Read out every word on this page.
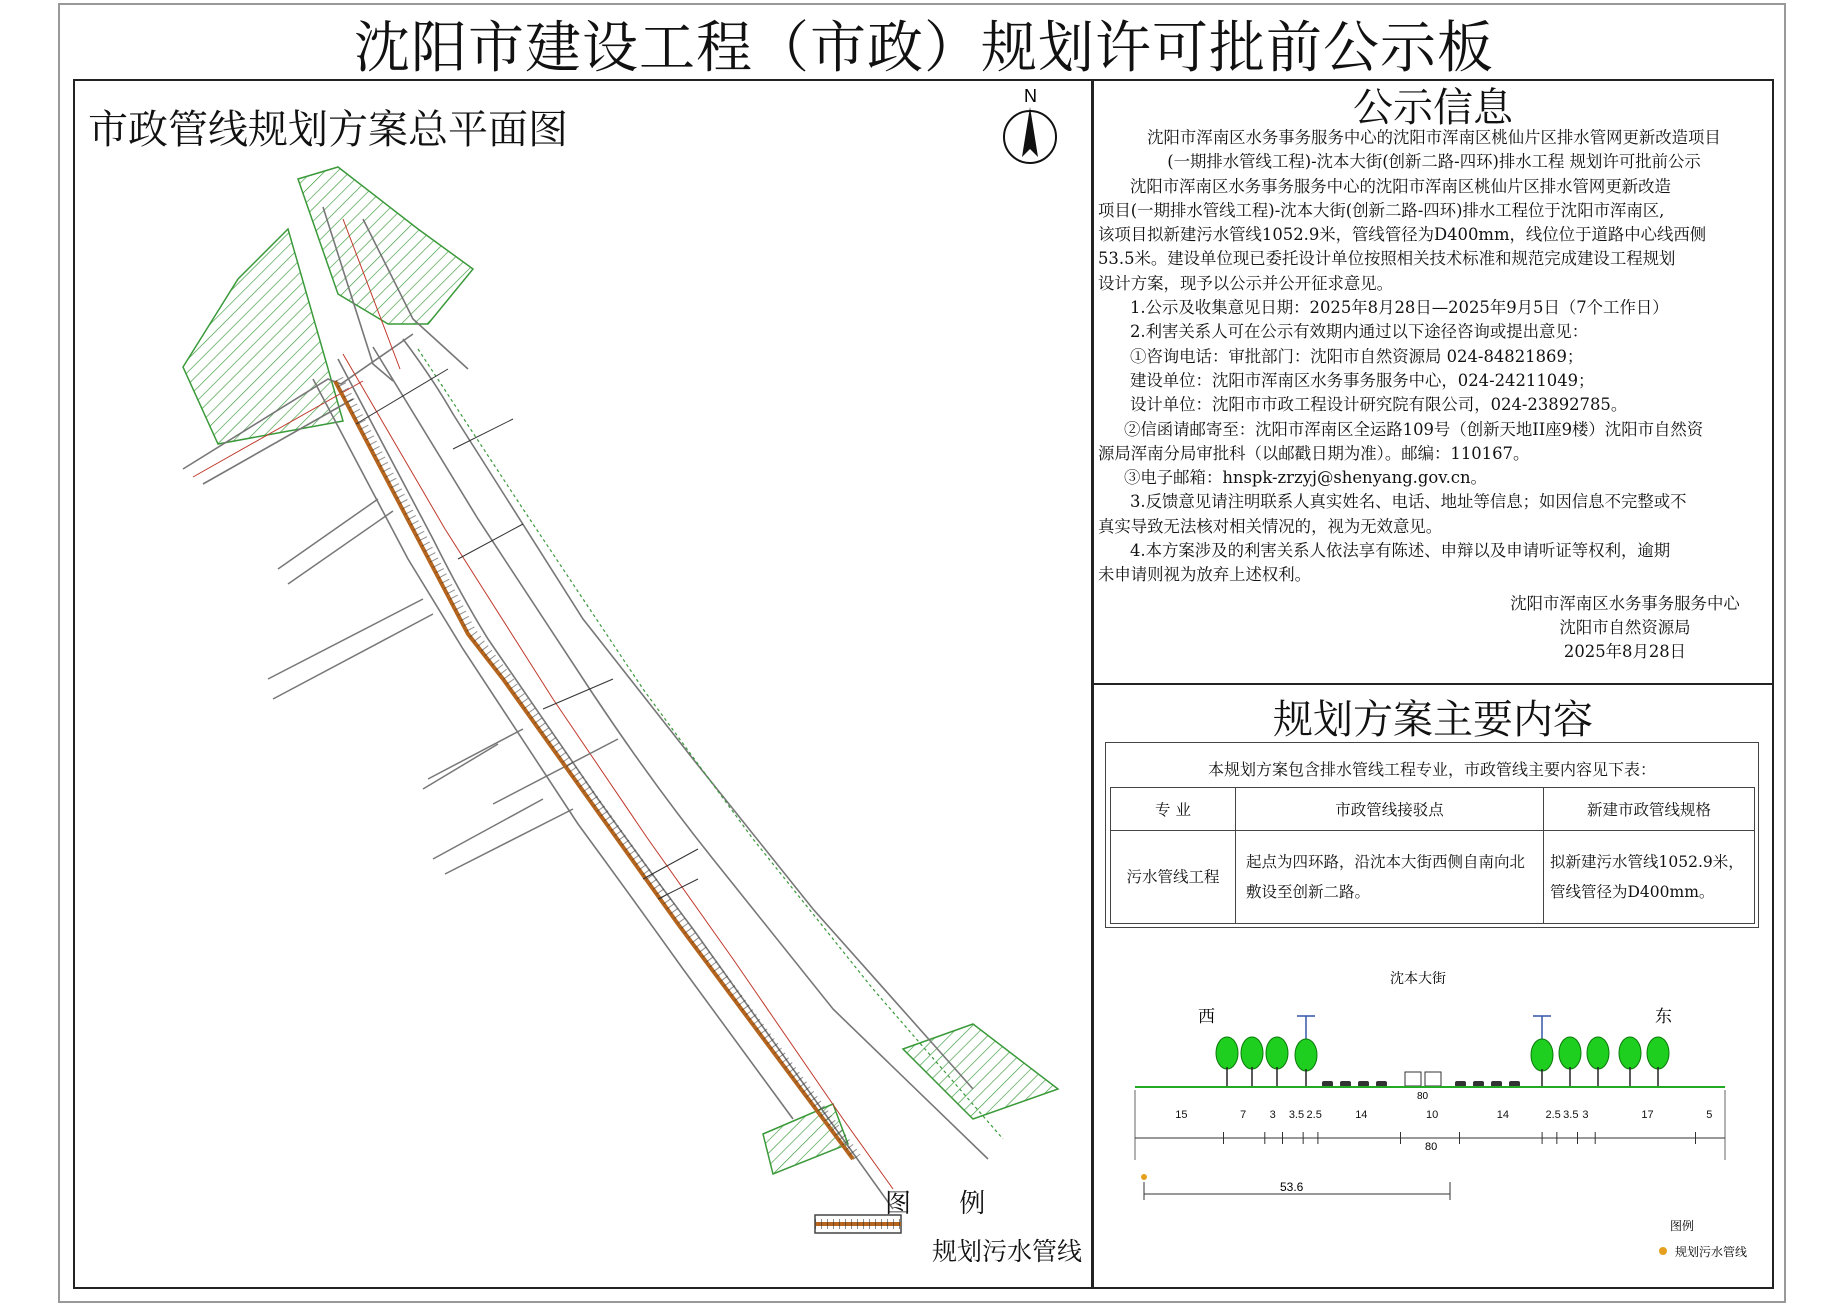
沈阳市建设工程（市政）规划许可批前公示板
市政管线规划方案总平面图
N
图 例
规划污水管线
公示信息

沈阳市浑南区水务事务服务中心的沈阳市浑南区桃仙片区排水管网更新改造项目

(一期排水管线工程)-沈本大街(创新二路-四环)排水工程 规划许可批前公示

沈阳市浑南区水务事务服务中心的沈阳市浑南区桃仙片区排水管网更新改造

项目(一期排水管线工程)-沈本大街(创新二路-四环)排水工程位于沈阳市浑南区,

该项目拟新建污水管线1052.9米，管线管径为D400mm，线位位于道路中心线西侧

53.5米。建设单位现已委托设计单位按照相关技术标准和规范完成建设工程规划

设计方案，现予以公示并公开征求意见。

1.公示及收集意见日期：2025年8月28日—2025年9月5日（7个工作日）

2.利害关系人可在公示有效期内通过以下途径咨询或提出意见：

①咨询电话：审批部门：沈阳市自然资源局 024-84821869；

建设单位：沈阳市浑南区水务事务服务中心，024-24211049；

设计单位：沈阳市市政工程设计研究院有限公司，024-23892785。

②信函请邮寄至：沈阳市浑南区全运路109号（创新天地II座9楼）沈阳市自然资

源局浑南分局审批科（以邮戳日期为准）。邮编：110167。

③电子邮箱：hnspk-zrzyj@shenyang.gov.cn。

3.反馈意见请注明联系人真实姓名、电话、地址等信息；如因信息不完整或不

真实导致无法核对相关情况的，视为无效意见。

4.本方案涉及的利害关系人依法享有陈述、申辩以及申请听证等权利，逾期

未申请则视为放弃上述权利。

沈阳市浑南区水务事务服务中心

沈阳市自然资源局

2025年8月28日

规划方案主要内容
本规划方案包含排水管线工程专业，市政管线主要内容见下表：
专 业	市政管线接驳点	新建市政管线规格
污水管线工程	起点为四环路，沿沈本大街西侧自南向北敷设至创新二路。	拟新建污水管线1052.9米，管线管径为D400mm。
沈本大街
西	东
80
15	7 3 3.5 2.5	14	10	14	2.5 3.5 3	17	5
80
53.6
图例
规划污水管线
